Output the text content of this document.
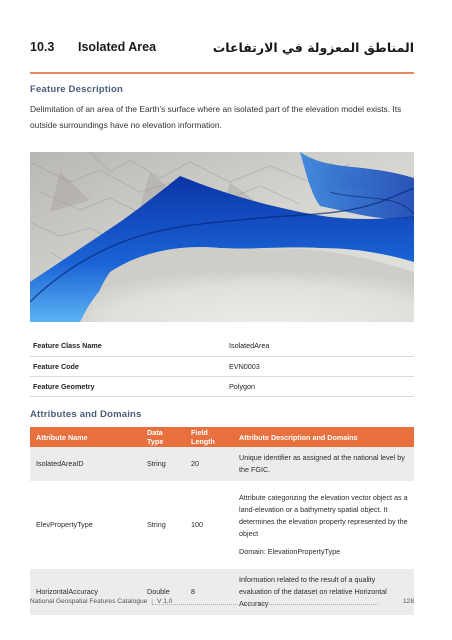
10.3 Isolated Area	المناطق المعزولة في الارتفاعات
Feature Description

Delimitation of an area of the Earth's surface where an isolated part of the elevation model exists. Its outside surroundings have no elevation information.

Feature Class Name	IsolatedArea
Feature Code	EVN0003
Feature Geometry	Polygon
Attributes and Domains
Attribute Name	Data Type	Field Length	Attribute Description and Domains
IsolatedAreaID	String	20	Unique identifier as assigned at the national level by the FGIC.

ElevPropertyType	String	100	Attribute categorizing the elevation vector object as a land-elevation or a bathymetry spatial object. It determines the elevation property represented by the object
Domain: ElevationPropertyType

HorizontalAccuracy	Double	8	Information related to the result of a quality evaluation of the dataset on relative Horizontal Accuracy
National Geospatial Features Catalogue | V 1.0	128
